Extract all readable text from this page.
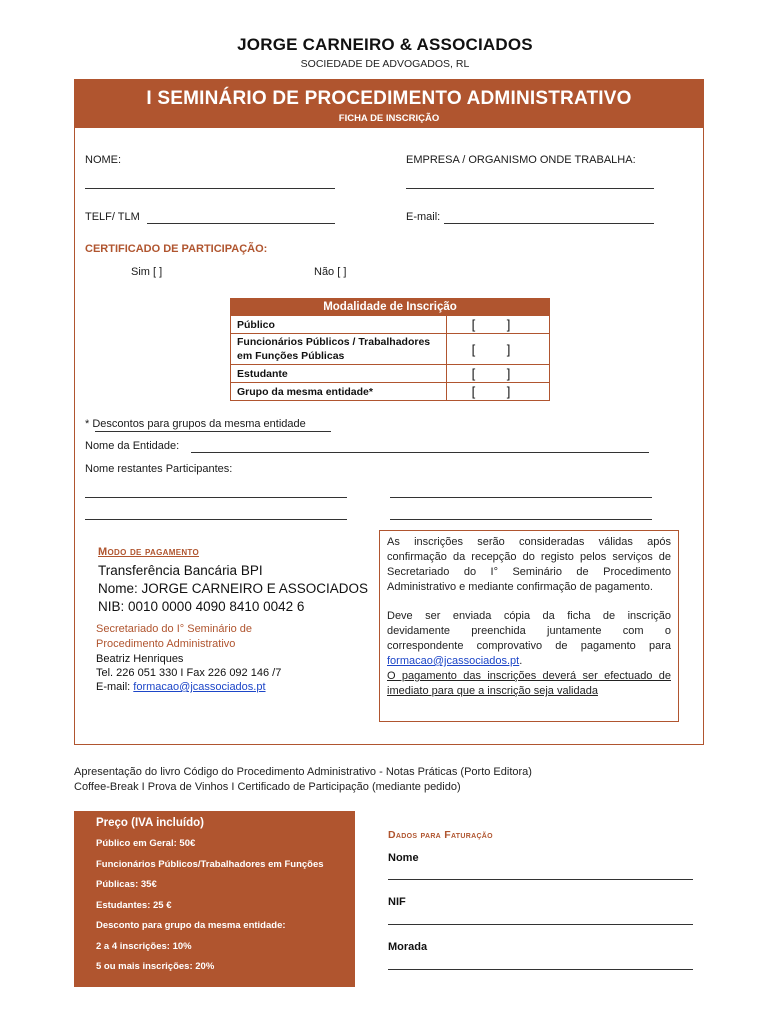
JORGE CARNEIRO & ASSOCIADOS
SOCIEDADE DE ADVOGADOS, RL
I SEMINÁRIO DE PROCEDIMENTO ADMINISTRATIVO
FICHA DE INSCRIÇÃO
NOME:	EMPRESA / ORGANISMO ONDE TRABALHA:
TELF/ TLM	E-mail:
CERTIFICADO DE PARTICIPAÇÃO:
Sim [ ]	Não [ ]
Modalidade de Inscrição	
Público	[ ]
Funcionários Públicos / Trabalhadores em Funções Públicas	[ ]
Estudante	[ ]
Grupo da mesma entidade*	[ ]
* Descontos para grupos da mesma entidade
Nome da Entidade:
Nome restantes Participantes:
Modo de pagamento
Transferência Bancária BPI
Nome: JORGE CARNEIRO E ASSOCIADOS
NIB: 0010 0000 4090 8410 0042 6
Secretariado do I° Seminário de
Procedimento Administrativo
Beatriz Henriques
Tel. 226 051 330 I Fax 226 092 146 /7
E-mail: formacao@jcassociados.pt

As inscrições serão consideradas válidas após confirmação da recepção do registo pelos serviços de Secretariado do I° Seminário de Procedimento Administrativo e mediante confirmação de pagamento.

Deve ser enviada cópia da ficha de inscrição devidamente preenchida juntamente com o correspondente comprovativo de pagamento para formacao@jcassociados.pt.

O pagamento das inscrições deverá ser efectuado de imediato para que a inscrição seja validada

Apresentação do livro Código do Procedimento Administrativo - Notas Práticas (Porto Editora)
Coffee-Break I Prova de Vinhos I Certificado de Participação (mediante pedido)
Preço (IVA incluído)
Público em Geral: 50€
Funcionários Públicos/Trabalhadores em Funções
Públicas: 35€
Estudantes: 25 €
Desconto para grupo da mesma entidade:
2 a 4 inscrições: 10%
5 ou mais inscrições: 20%
Dados para Faturação
Nome
NIF
Morada
